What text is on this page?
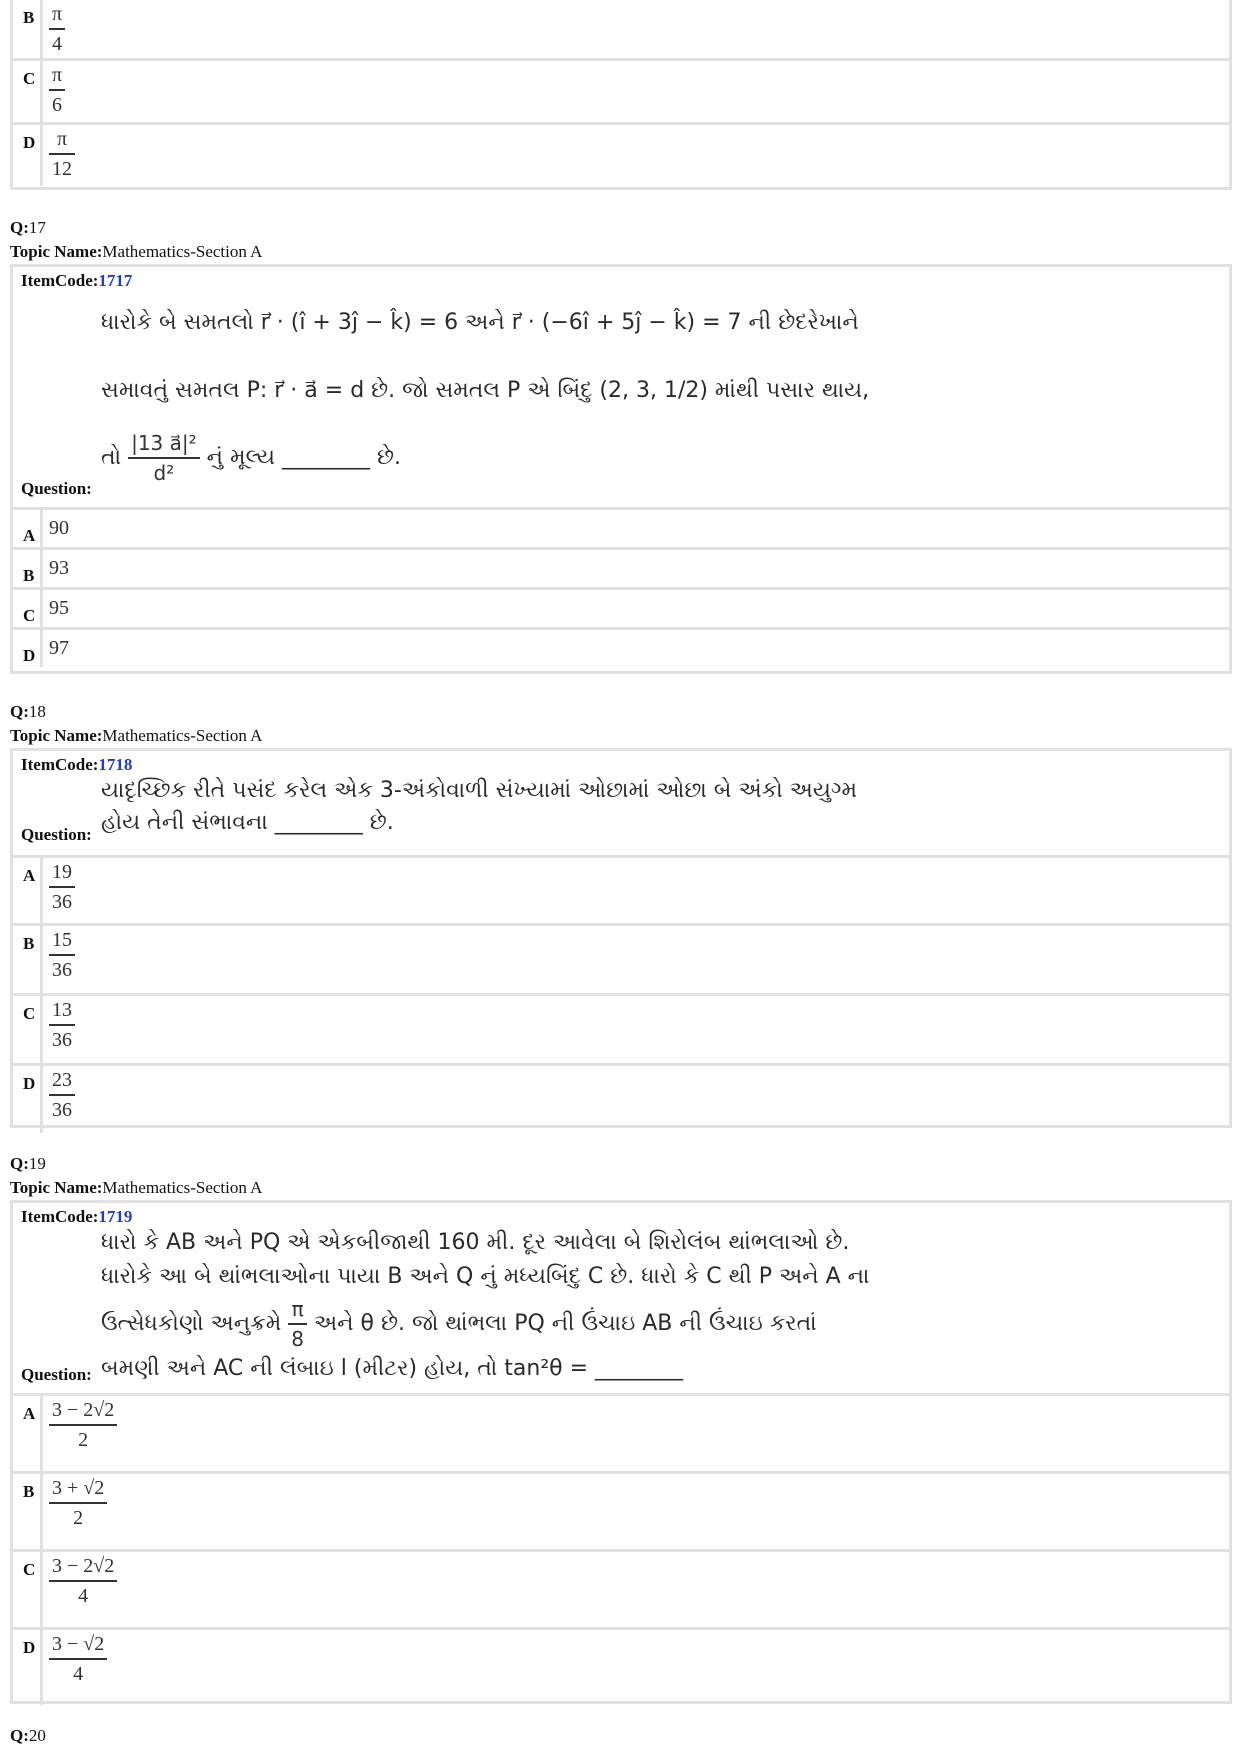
B $\frac{\pi}{4}$
C $\frac{\pi}{6}$
D $\frac{\pi}{12}$
Q:17
Topic Name:Mathematics-Section A
ItemCode:1717
ધારોકે બે સમતલો r⃗ · (î + 3ĵ − k̂) = 6 અને r⃗ · (−6î + 5ĵ − k̂) = 7 ની છેદરેખાને
સમાવતું સમતલ P: r⃗ · a⃗ = d છે. જો સમતલ P એ બિંદુ (2, 3, 1/2) માંથી પસાર થાય,
તો $\frac{\text{|13 a⃗|²}}{\text{d²}}$ નું મૂલ્ય ________ છે.
Question:
A 90
B 93
C 95
D 97
Q:18
Topic Name:Mathematics-Section A
ItemCode:1718
યાદૃચ્છિક રીતે પસંદ કરેલ એક 3-અંકોવાળી સંખ્યામાં ઓછામાં ઓછા બે અંકો અયુગ્મ
હોય તેની સંભાવના ________ છે.
Question:
A $\frac{19}{36}$
B $\frac{15}{36}$
C $\frac{13}{36}$
D $\frac{23}{36}$
Q:19
Topic Name:Mathematics-Section A
ItemCode:1719
ધારો કે AB અને PQ એ એકબીજાથી 160 મી. દૂર આવેલા બે શિરોલંબ થાંભલાઓ છે.
ધારોકે આ બે થાંભલાઓના પાયા B અને Q નું મધ્યબિંદુ C છે. ધારો કે C થી P અને A ના
ઉત્સેધકોણો અનુક્રમે $\frac{\pi}{8}$ અને θ છે. જો થાંભલા PQ ની ઉંચાઇ AB ની ઉંચાઇ કરતાં
બમણી અને AC ની લંબાઇ l (મીટર) હોય, તો tan²θ = ________
Question:
A $\frac{3 - 2√2}{2}$
B $\frac{3 + √2}{2}$
C $\frac{3 - 2√2}{4}$
D $\frac{3 - √2}{4}$
Q:20
